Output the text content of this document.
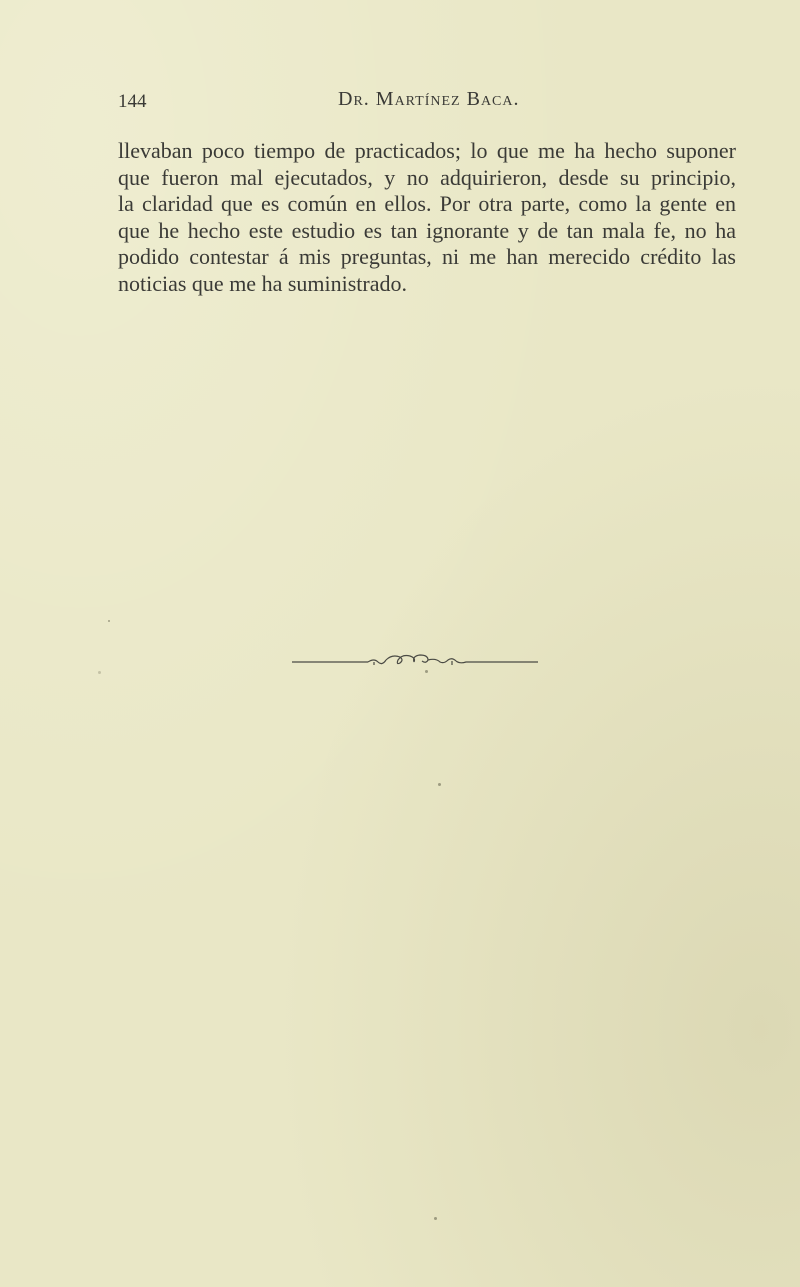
144	Dr. Martínez Baca.
llevaban poco tiempo de practicados; lo que me ha hecho suponer
que fueron mal ejecutados, y no adquirieron, desde su principio,
la claridad que es común en ellos. Por otra parte, como la gente en
que he hecho este estudio es tan ignorante y de tan mala fe, no ha
podido contestar á mis preguntas, ni me han merecido crédito las
noticias que me ha suministrado.
